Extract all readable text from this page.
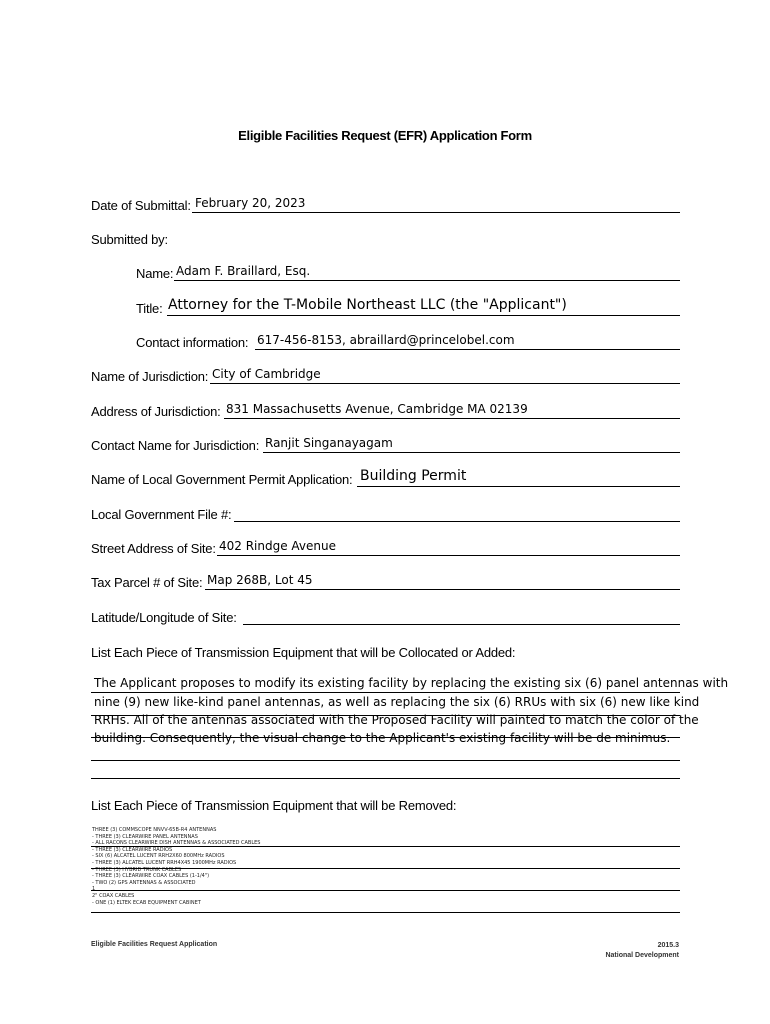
Eligible Facilities Request (EFR) Application Form
Date of Submittal: February 20, 2023
Submitted by:
Name: Adam F. Braillard, Esq.
Title: Attorney for the T-Mobile Northeast LLC (the "Applicant")
Contact information: 617-456-8153, abraillard@princelobel.com
Name of Jurisdiction: City of Cambridge
Address of Jurisdiction: 831 Massachusetts Avenue, Cambridge MA 02139
Contact Name for Jurisdiction: Ranjit Singanayagam
Name of Local Government Permit Application: Building Permit
Local Government File #:
Street Address of Site: 402 Rindge Avenue
Tax Parcel # of Site: Map 268B, Lot 45
Latitude/Longitude of Site:
List Each Piece of Transmission Equipment that will be Collocated or Added:
The Applicant proposes to modify its existing facility by replacing the existing six (6) panel antennas with
nine (9) new like-kind panel antennas, as well as replacing the six (6) RRUs with six (6) new like kind
RRHs. All of the antennas associated with the Proposed Facility will painted to match the color of the
building. Consequently, the visual change to the Applicant's existing facility will be de minimus.
List Each Piece of Transmission Equipment that will be Removed:
THREE (3) COMMSCOPE NNVV-65B-R4 ANTENNAS
- THREE (3) CLEARWIRE PANEL ANTENNAS
- ALL RACONS CLEARWIRE DISH ANTENNAS & ASSOCIATED CABLES
- THREE (3) CLEARWIRE RADIOS
- SIX (6) ALCATEL LUCENT RRH2X60 800MHz RADIOS
- THREE (3) ALCATEL LUCENT RRH4X45 1900MHz RADIOS
- THREE (3) HYBRID TRUNK CABLES
- THREE (3) CLEARWIRE COAX CABLES (1-1/4")
- TWO (2) GPS ANTENNAS & ASSOCIATED
1
2" COAX CABLES
- ONE (1) ELTEK ECAB EQUIPMENT CABINET
Eligible Facilities Request Application	2015.3
National Development
